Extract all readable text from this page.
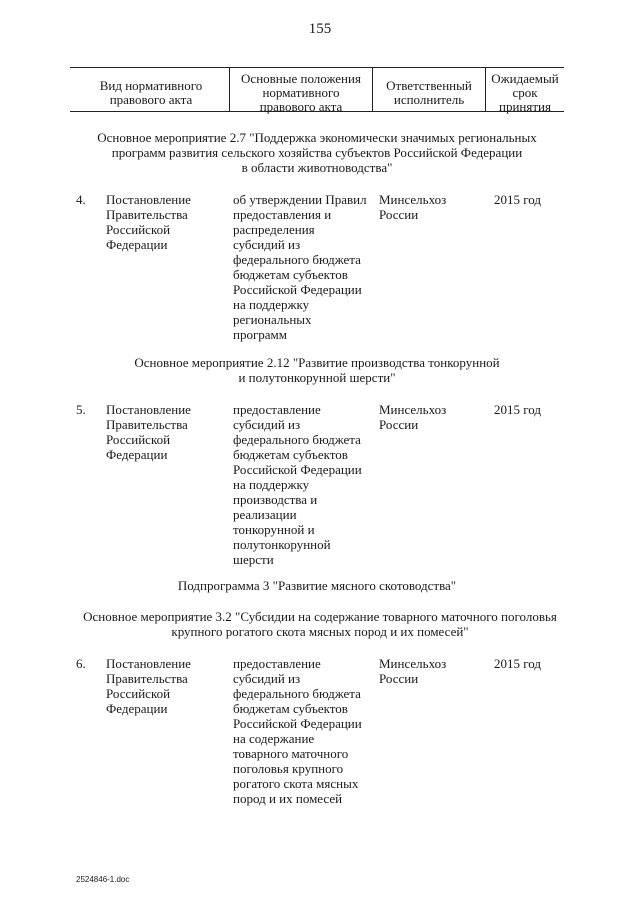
155
Вид нормативного
правового акта
Основные положения
нормативного
правового акта
Ответственный
исполнитель
Ожидаемый
срок
принятия
Основное мероприятие 2.7 "Поддержка экономически значимых региональных
программ развития сельского хозяйства субъектов Российской Федерации
в области животноводства"
4. Постановление
Правительства
Российской
Федерации
об утверждении Правил
предоставления и
распределения
субсидий из
федерального бюджета
бюджетам субъектов
Российской Федерации
на поддержку
региональных
программ
Минсельхоз
России
2015 год
Основное мероприятие 2.12 "Развитие производства тонкорунной
и полутонкорунной шерсти"
5. Постановление
Правительства
Российской
Федерации
предоставление
субсидий из
федерального бюджета
бюджетам субъектов
Российской Федерации
на поддержку
производства и
реализации
тонкорунной и
полутонкорунной
шерсти
Минсельхоз
России
2015 год
Подпрограмма 3 "Развитие мясного скотоводства"
Основное мероприятие 3.2 "Субсидии на содержание товарного маточного поголовья
крупного рогатого скота мясных пород и их помесей"
6. Постановление
Правительства
Российской
Федерации
предоставление
субсидий из
федерального бюджета
бюджетам субъектов
Российской Федерации
на содержание
товарного маточного
поголовья крупного
рогатого скота мясных
пород и их помесей
Минсельхоз
России
2015 год
2524846-1.doc
